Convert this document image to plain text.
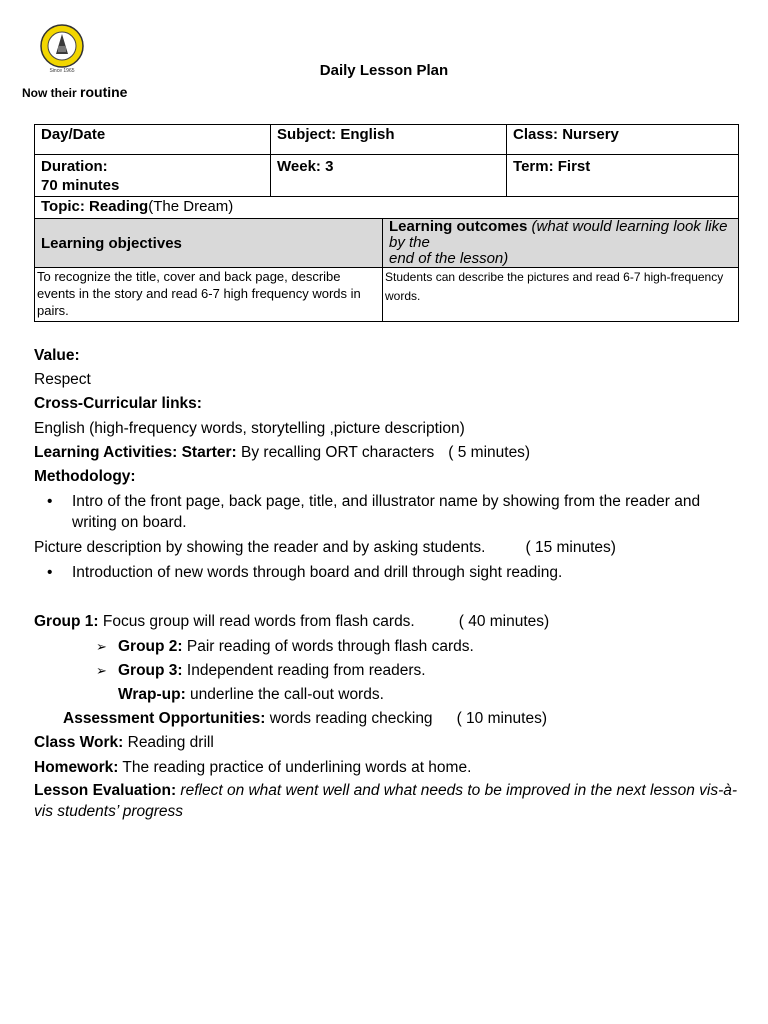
Since 1965
Now their routine
Daily Lesson Plan
Day/Date	Subject: English		Class: Nursery

Duration:
70 minutes	Week: 3		Term: First

Topic: Reading(The Dream)			
Learning objectives		Learning outcomes (what would learning look like by the
end of the lesson)	
To recognize the title, cover and back page, describe events in the story and read 6-7 high frequency words in pairs.		Students can describe the pictures and read 6-7 high-frequency words.	

Value:

Respect

Cross-Curricular links:

English (high-frequency words, storytelling ,picture description)

Learning Activities: Starter: By recalling ORT characters ( 5 minutes)

Methodology:

• Intro of the front page, back page, title, and illustrator name by showing from the reader and writing on board.

Picture description by showing the reader and by asking students.	( 15 minutes)

• Introduction of new words through board and drill through sight reading.

Group 1: Focus group will read words from flash cards.	( 40 minutes)

➢ Group 2: Pair reading of words through flash cards.

➢ Group 3: Independent reading from readers.

Wrap-up: underline the call-out words.

Assessment Opportunities: words reading checking ( 10 minutes)

Class Work: Reading drill

Homework: The reading practice of underlining words at home.

Lesson Evaluation: reflect on what went well and what needs to be improved in the next lesson vis-à-vis students’ progress
